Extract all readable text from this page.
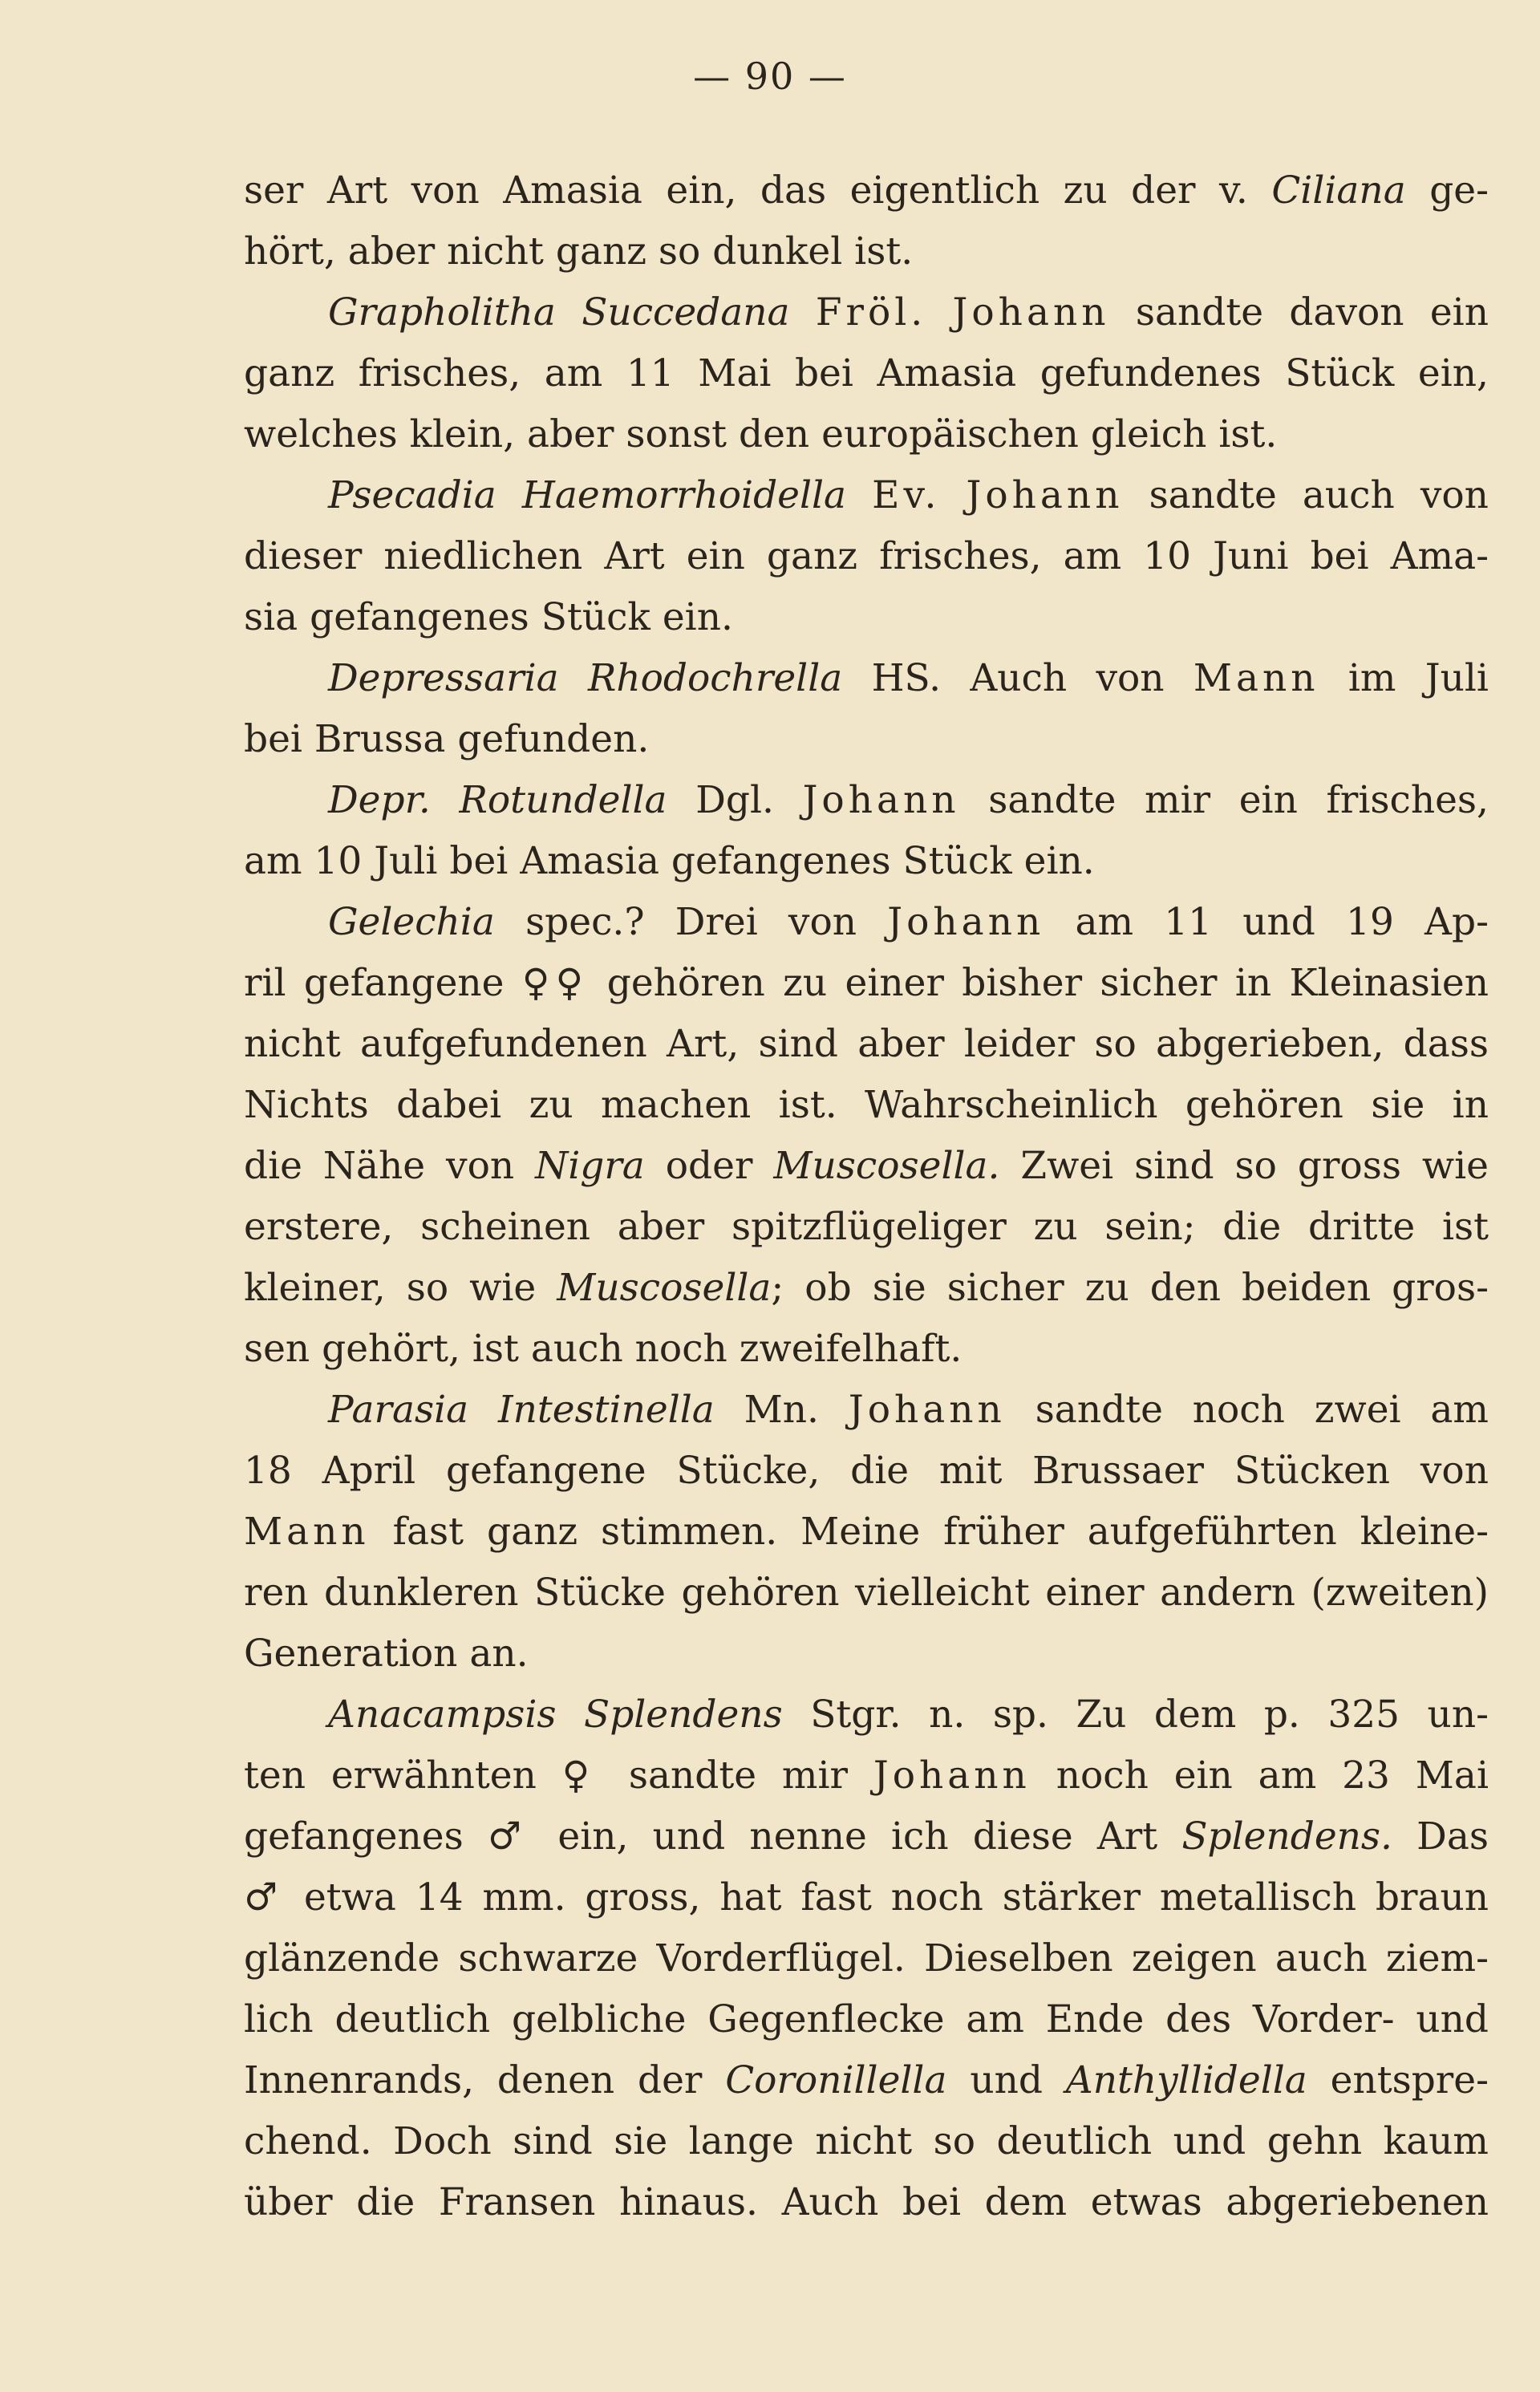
— 90 —
ser Art von Amasia ein, das eigentlich zu der v. Ciliana ge-
hört, aber nicht ganz so dunkel ist.
Grapholitha Succedana Fröl. Johann sandte davon ein
ganz frisches, am 11 Mai bei Amasia gefundenes Stück ein,
welches klein, aber sonst den europäischen gleich ist.
Psecadia Haemorrhoidella Ev. Johann sandte auch von
dieser niedlichen Art ein ganz frisches, am 10 Juni bei Ama-
sia gefangenes Stück ein.
Depressaria Rhodochrella HS. Auch von Mann im Juli
bei Brussa gefunden.
Depr. Rotundella Dgl. Johann sandte mir ein frisches,
am 10 Juli bei Amasia gefangenes Stück ein.
Gelechia spec.? Drei von Johann am 11 und 19 Ap-
ril gefangene ♀♀ gehören zu einer bisher sicher in Kleinasien
nicht aufgefundenen Art, sind aber leider so abgerieben, dass
Nichts dabei zu machen ist. Wahrscheinlich gehören sie in
die Nähe von Nigra oder Muscosella. Zwei sind so gross wie
erstere, scheinen aber spitzflügeliger zu sein; die dritte ist
kleiner, so wie Muscosella; ob sie sicher zu den beiden gros-
sen gehört, ist auch noch zweifelhaft.
Parasia Intestinella Mn. Johann sandte noch zwei am
18 April gefangene Stücke, die mit Brussaer Stücken von
Mann fast ganz stimmen. Meine früher aufgeführten kleine-
ren dunkleren Stücke gehören vielleicht einer andern (zweiten)
Generation an.
Anacampsis Splendens Stgr. n. sp. Zu dem p. 325 un-
ten erwähnten ♀ sandte mir Johann noch ein am 23 Mai
gefangenes ♂ ein, und nenne ich diese Art Splendens. Das
♂ etwa 14 mm. gross, hat fast noch stärker metallisch braun
glänzende schwarze Vorderflügel. Dieselben zeigen auch ziem-
lich deutlich gelbliche Gegenflecke am Ende des Vorder- und
Innenrands, denen der Coronillella und Anthyllidella entspre-
chend. Doch sind sie lange nicht so deutlich und gehn kaum
über die Fransen hinaus. Auch bei dem etwas abgeriebenen
